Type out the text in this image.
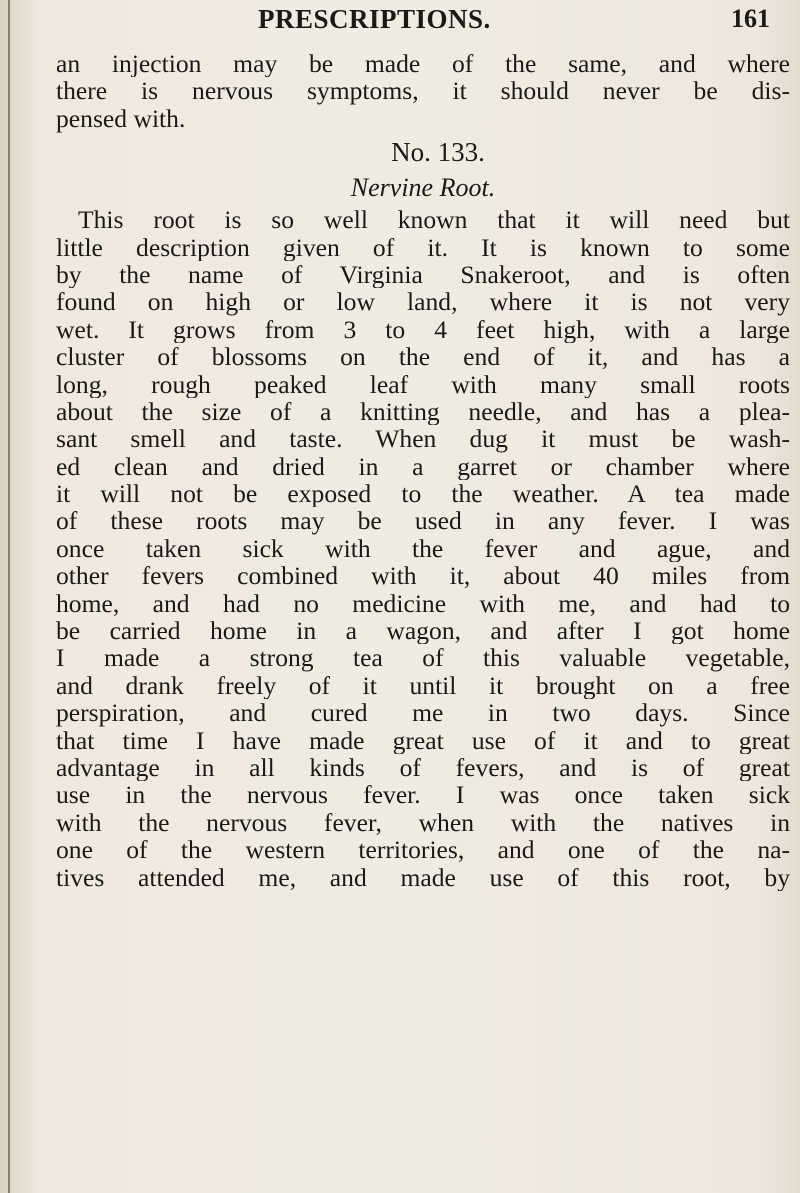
PRESCRIPTIONS.	161
an injection may be made of the same, and where
there is nervous symptoms, it should never be dis-
pensed with.
No. 133.
Nervine Root.
This root is so well known that it will need but
little description given of it. It is known to some
by the name of Virginia Snakeroot, and is often
found on high or low land, where it is not very
wet. It grows from 3 to 4 feet high, with a large
cluster of blossoms on the end of it, and has a
long, rough peaked leaf with many small roots
about the size of a knitting needle, and has a plea-
sant smell and taste. When dug it must be wash-
ed clean and dried in a garret or chamber where
it will not be exposed to the weather. A tea made
of these roots may be used in any fever. I was
once taken sick with the fever and ague, and
other fevers combined with it, about 40 miles from
home, and had no medicine with me, and had to
be carried home in a wagon, and after I got home
I made a strong tea of this valuable vegetable,
and drank freely of it until it brought on a free
perspiration, and cured me in two days. Since
that time I have made great use of it and to great
advantage in all kinds of fevers, and is of great
use in the nervous fever. I was once taken sick
with the nervous fever, when with the natives in
one of the western territories, and one of the na-
tives attended me, and made use of this root, by
